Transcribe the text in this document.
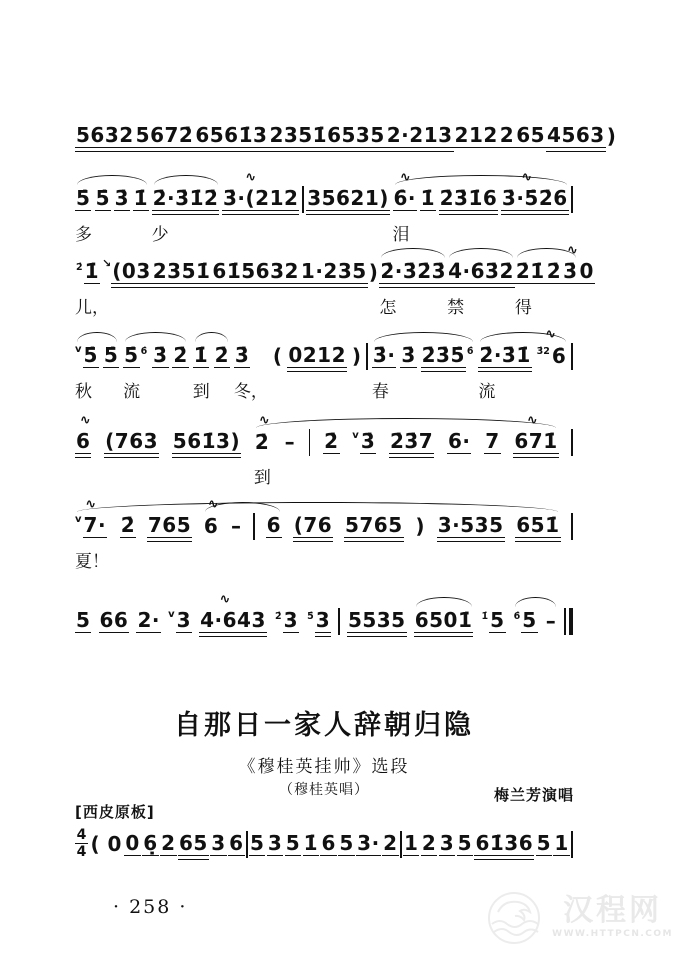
5632 5672̇ 6561̇3 2351̇6535 2·213 212 2 65 4563 )
5̇
多
5̇ 3̇ 1̇ 2̇·3̇1̇2̇
少
3̇·(212
∿
35621) 6̇·
∿
泪
1̇ 2̇3̇1̇6 3̇·5̇2̇6
∿
2̇ 1̇ ↘
儿，
(03 2351̇ 61̇5632 1·235 ) 2̇·3̇2̇3̇
怎
4̇·6̇3̇2̇
禁
2̇1̇
得
2̇ 3̇
∿
0
v 5̇
秋
5̇ 5̇ 6̇
流
3̇ 2̇ 1̇
到
2̇ 3̇
冬，
( 0212 ) 3̇·
春
3̇ 2̇3̇5̇ 6̇ 2̇·3̇1̇
流
3̇2 6̇
∿
6
∿
(763 561̇3) 2̇
∿
到
– 2̇ v 3̇ 2̇3̇7 6· 7 671̇
∿
v 7·
∿
夏！
2̇ 765 6
∿
– 6 (76 5765 ) 3·535 651̇
5 66 2· v 3 4·643
∿
2̇ 3 5̇ 3 5535 6501̇ 1̇ 5 6̇ 5 –
4
4 ( 0 0 6̣ 2 65 3 6 5 3 5 1̇ 6 5 3· 2 1 2 3 5 61̇36 5 1
自那日一家人辞朝归隐
《穆桂英挂帅》选段
（穆桂英唱）	梅兰芳演唱
[西皮原板]
· 258 ·	汉程网
WWW.HTTPCN.COM
